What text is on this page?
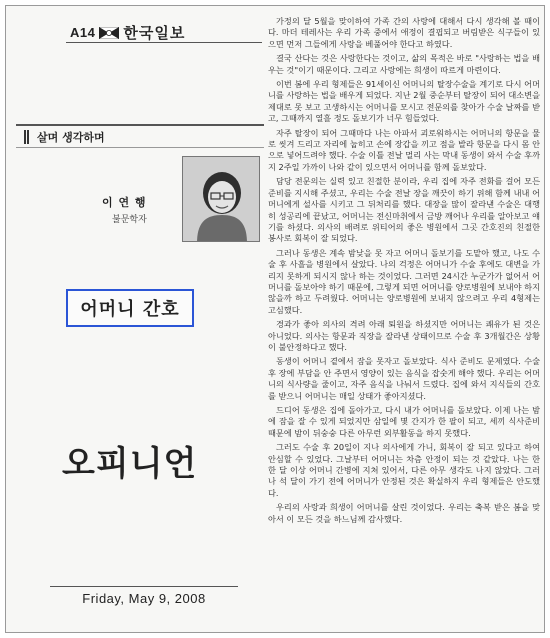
A14 한국일보
살며 생각하며
이 연 행
불문학자
어머니 간호
오피니언
Friday, May 9, 2008

가정의 달 5월을 맞이하여 가족 간의 사랑에 대해서 다시 생각해 볼 때이다. 마더 테레사는 우리 가족 중에서 애정이 결핍되고 버림받은 식구들이 있으면 먼저 그들에게 사랑을 베풀어야 한다고 하였다.

결국 산다는 것은 사랑한다는 것이고, 삶의 목적은 바로 "사랑하는 법을 배우는 것"이기 때문이다. 그리고 사랑에는 희생이 따르게 마련이다.

이번 봄에 우리 형제들은 91세이신 어머니의 탈장수술을 계기로 다시 어머니를 사랑하는 법을 배우게 되었다. 지난 2월 중순부터 탈장이 되어 대소변을 제대로 못 보고 고생하시는 어머니를 모시고 전문의를 찾아가 수술 날짜를 받고, 그때까지 열흘 정도 돌보기가 너무 힘들었다.

자주 탈장이 되어 그때마다 나는 아파서 괴로워하시는 어머니의 항문을 물로 씻겨 드리고 자리에 눕히고 손에 장갑을 끼고 점을 발라 항문을 다시 몸 안으로 넣어드려야 했다. 수술 이틀 전날 멀리 사는 막내 동생이 와서 수술 후까지 2주일 가까이 나와 같이 있으면서 어머니를 함께 돌보았다.

담당 전문의는 실력 있고 친절한 분이라, 우리 집에 자주 전화를 걸어 모든 준비를 지시해 주셨고, 우리는 수술 전날 장을 깨끗이 하기 위해 함께 내내 어머니에게 설사를 시키고 그 뒤처리를 했다. 대장을 많이 잘라낸 수술은 대행히 성공리에 끝났고, 어머니는 전신마취에서 금방 깨어나 우리를 알아보고 얘기를 하셨다. 의사의 배려로 위티어의 좋은 병원에서 그곳 간호진의 친절한 봉사로 회복이 잘 되었다.

그러나 동생은 계속 밤낮을 못 자고 어머니 돌보기를 도맡아 했고, 나도 수술 후 사흘을 병원에서 살았다. 나의 걱정은 어머니가 수술 후에도 대변을 가리지 못하게 되시지 않나 하는 것이었다. 그러면 24시간 누군가가 없어서 어머니를 돌보아야 하기 때문에, 그렇게 되면 어머니를 양로병원에 보내야 하지 않을까 하고 두려웠다. 어머니는 양로병원에 보내지 않으려고 우리 4형제는 고심했다.

경과가 좋아 의사의 격려 아래 퇴원을 하셨지만 어머니는 쾌유가 된 것은 아니었다. 의사는 항문과 직장을 잘라낸 상태이므로 수술 후 3개월간은 상황이 불안정하다고 했다.

동생이 어머니 곁에서 잠을 못자고 돌보았다. 식사 준비도 문제였다. 수술 후 장에 부담을 안 주면서 영양이 있는 음식을 잡숫게 해야 했다. 우리는 어머니의 식사량을 줄이고, 자주 음식을 나눠서 드렸다. 집에 와서 지식들의 간호를 받으니 어머니는 매일 상태가 좋아지셨다.

드디어 동생은 집에 돌아가고, 다시 내가 어머니를 돌보았다. 이제 나는 밤에 잠을 잘 수 있게 되었지만 삼일에 몇 간지가 한 팔이 되고, 세끼 식사준비 때문에 밤이 뒤숭숭 다른 아무런 외부활동을 하지 못했다.

그러도 수술 후 20일이 지나 의사에게 가니, 회복이 잘 되고 있다고 하여 안심할 수 있었다. 그날부터 어머니는 차츰 안정이 되는 것 같았다. 나는 한 한 달 이상 어머니 간병에 지쳐 있어서, 다른 아무 생각도 나지 않았다. 그러나 석 달이 가기 전에 어머니가 안정된 것은 확실하지 우리 형제들은 안도했다.

우리의 사랑과 희생이 어머니를 살린 것이었다. 우리는 축복 받은 봄을 맞아서 이 모든 것을 하느님께 감사했다.
